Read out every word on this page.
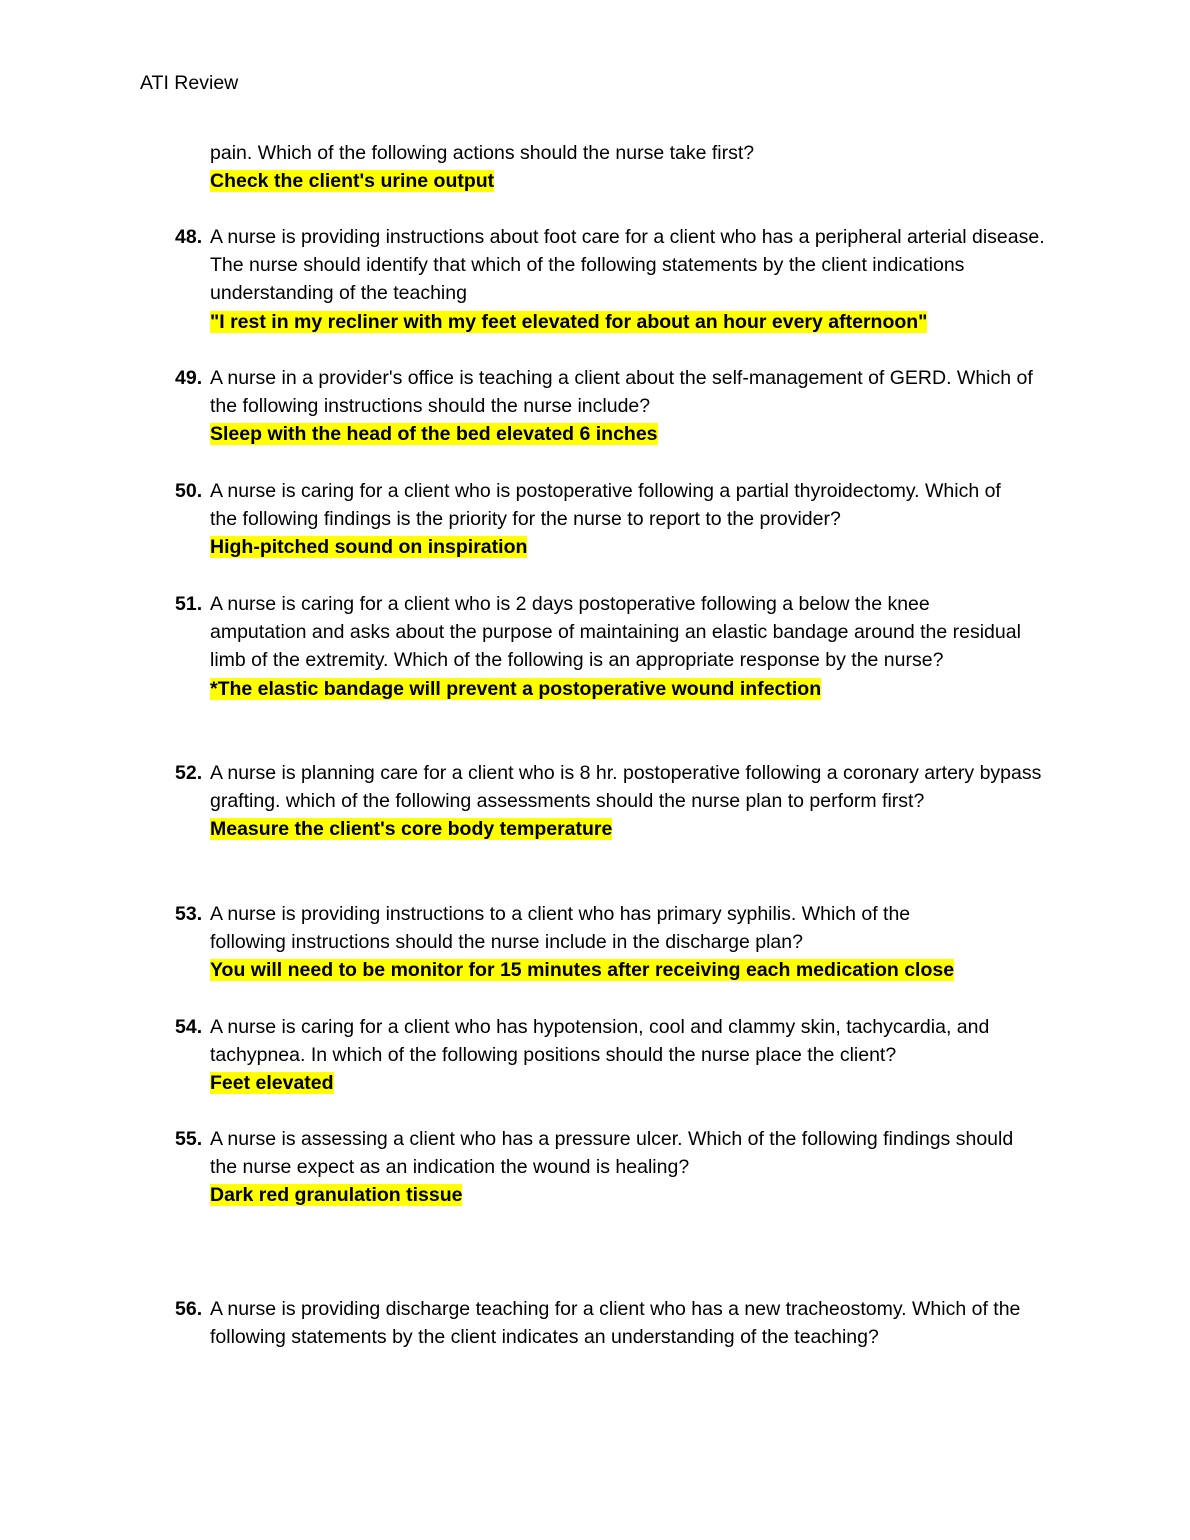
ATI Review
pain. Which of the following actions should the nurse take first?
Check the client's urine output
48. A nurse is providing instructions about foot care for a client who has a peripheral arterial disease. The nurse should identify that which of the following statements by the client indications understanding of the teaching
"I rest in my recliner with my feet elevated for about an hour every afternoon"
49. A nurse in a provider's office is teaching a client about the self-management of GERD. Which of the following instructions should the nurse include?
Sleep with the head of the bed elevated 6 inches
50. A nurse is caring for a client who is postoperative following a partial thyroidectomy. Which of the following findings is the priority for the nurse to report to the provider?
High-pitched sound on inspiration
51. A nurse is caring for a client who is 2 days postoperative following a below the knee amputation and asks about the purpose of maintaining an elastic bandage around the residual limb of the extremity. Which of the following is an appropriate response by the nurse?
*The elastic bandage will prevent a postoperative wound infection
52. A nurse is planning care for a client who is 8 hr. postoperative following a coronary artery bypass grafting. which of the following assessments should the nurse plan to perform first?
Measure the client's core body temperature
53. A nurse is providing instructions to a client who has primary syphilis. Which of the following instructions should the nurse include in the discharge plan?
You will need to be monitor for 15 minutes after receiving each medication close
54. A nurse is caring for a client who has hypotension, cool and clammy skin, tachycardia, and tachypnea. In which of the following positions should the nurse place the client?
Feet elevated
55. A nurse is assessing a client who has a pressure ulcer. Which of the following findings should the nurse expect as an indication the wound is healing?
Dark red granulation tissue
56. A nurse is providing discharge teaching for a client who has a new tracheostomy. Which of the following statements by the client indicates an understanding of the teaching?
